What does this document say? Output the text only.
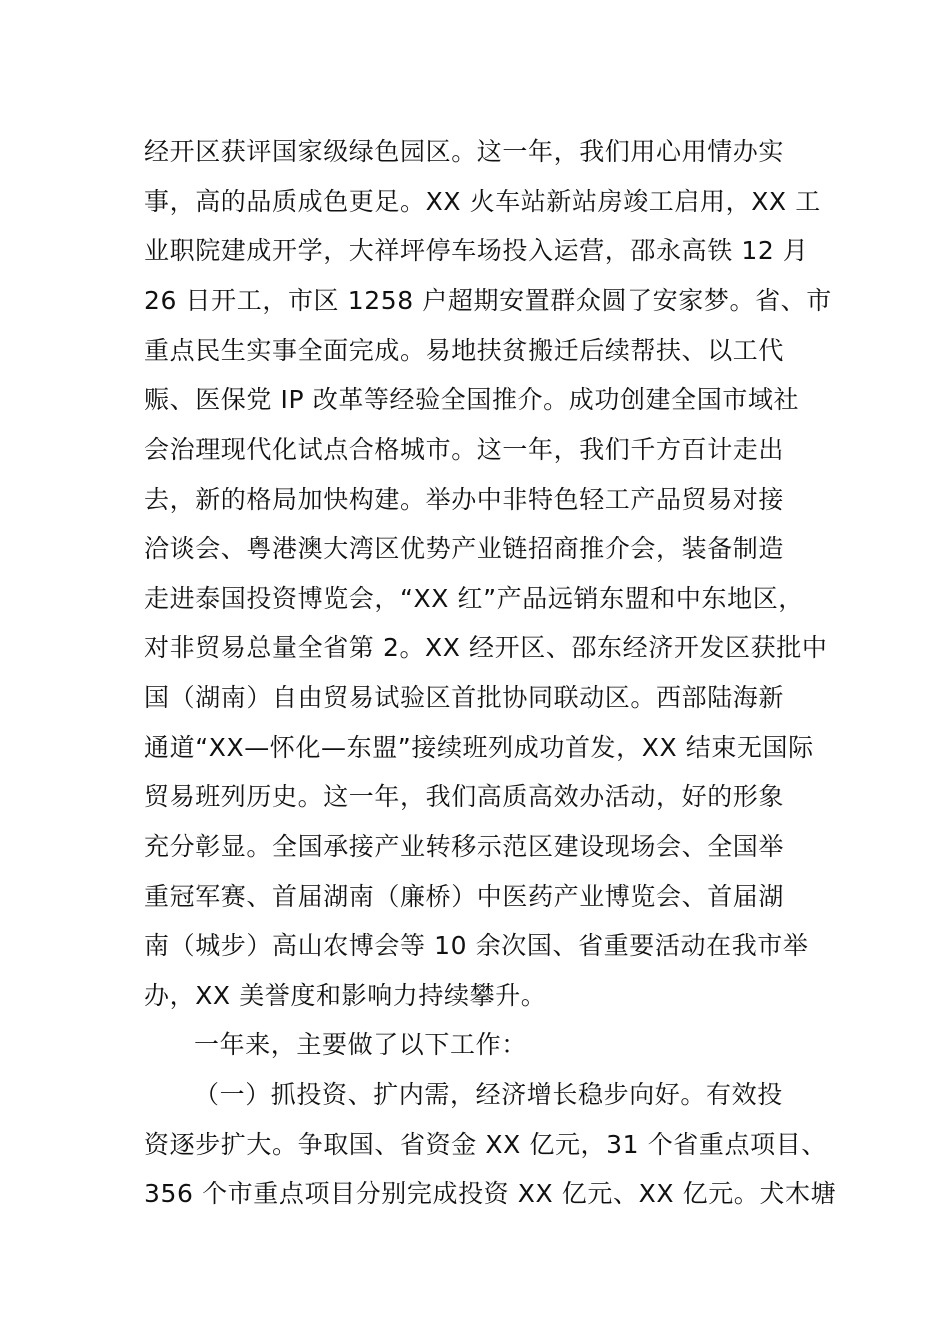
经开区获评国家级绿色园区。这一年，我们用心用情办实
事，高的品质成色更足。XX 火车站新站房竣工启用，XX 工
业职院建成开学，大祥坪停车场投入运营，邵永高铁 12 月
26 日开工，市区 1258 户超期安置群众圆了安家梦。省、市
重点民生实事全面完成。易地扶贫搬迁后续帮扶、以工代
赈、医保党 IP 改革等经验全国推介。成功创建全国市域社
会治理现代化试点合格城市。这一年，我们千方百计走出
去，新的格局加快构建。举办中非特色轻工产品贸易对接
洽谈会、粤港澳大湾区优势产业链招商推介会，装备制造
走进泰国投资博览会，“XX 红”产品远销东盟和中东地区，
对非贸易总量全省第 2。XX 经开区、邵东经济开发区获批中
国（湖南）自由贸易试验区首批协同联动区。西部陆海新
通道“XX—怀化—东盟”接续班列成功首发，XX 结束无国际
贸易班列历史。这一年，我们高质高效办活动，好的形象
充分彰显。全国承接产业转移示范区建设现场会、全国举
重冠军赛、首届湖南（廉桥）中医药产业博览会、首届湖
南（城步）高山农博会等 10 余次国、省重要活动在我市举
办，XX 美誉度和影响力持续攀升。
一年来，主要做了以下工作：
（一）抓投资、扩内需，经济增长稳步向好。有效投
资逐步扩大。争取国、省资金 XX 亿元，31 个省重点项目、
356 个市重点项目分别完成投资 XX 亿元、XX 亿元。犬木塘
